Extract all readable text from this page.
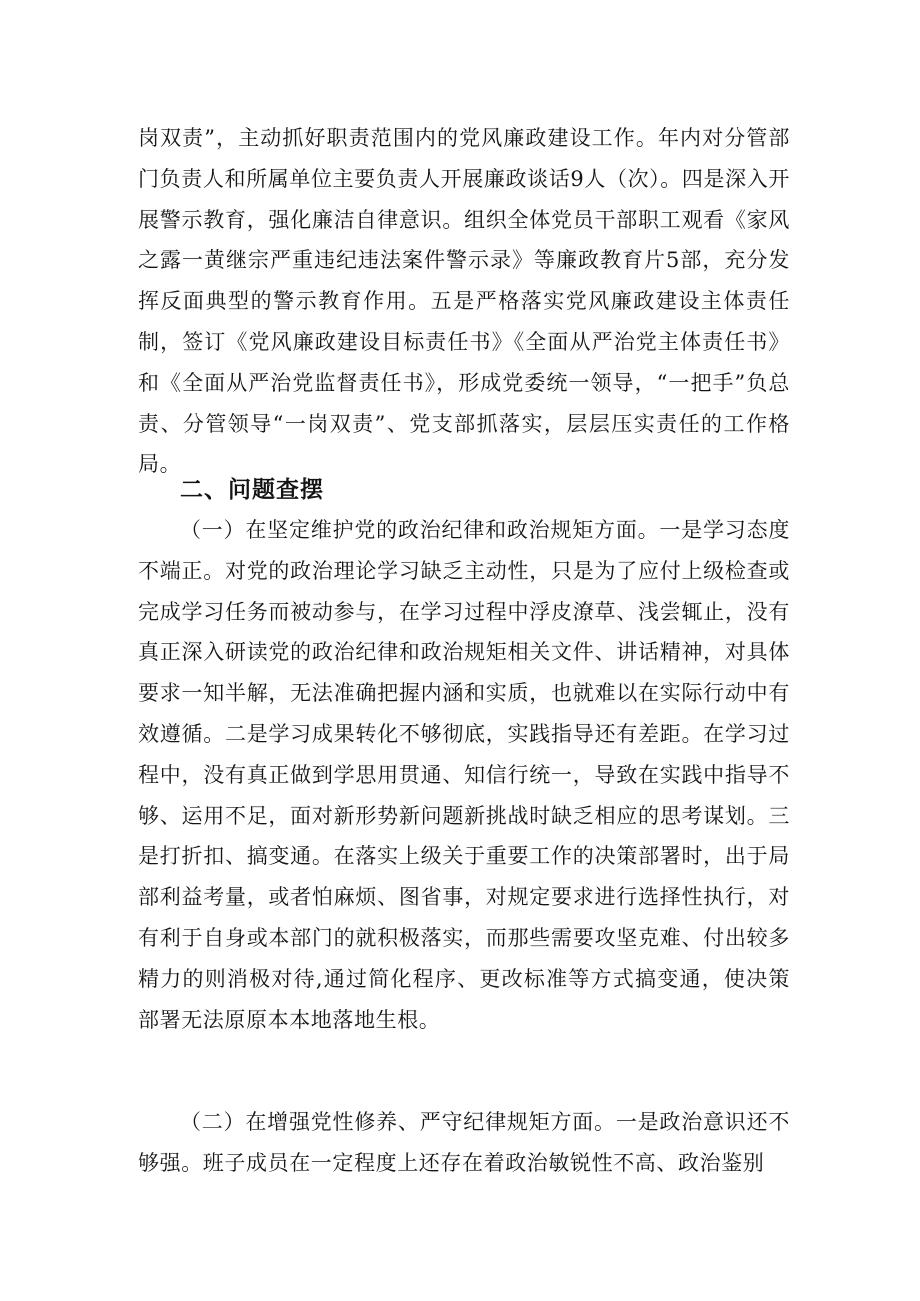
岗双责”，主动抓好职责范围内的党风廉政建设工作。年内对分管部门负责人和所属单位主要负责人开展廉政谈话9人（次）。四是深入开展警示教育，强化廉洁自律意识。组织全体党员干部职工观看《家风之露一黄继宗严重违纪违法案件警示录》等廉政教育片5部，充分发挥反面典型的警示教育作用。五是严格落实党风廉政建设主体责任制，签订《党风廉政建设目标责任书》《全面从严治党主体责任书》和《全面从严治党监督责任书》，形成党委统一领导，“一把手”负总责、分管领导“一岗双责”、党支部抓落实，层层压实责任的工作格局。

二、问题查摆

（一）在坚定维护党的政治纪律和政治规矩方面。一是学习态度不端正。对党的政治理论学习缺乏主动性，只是为了应付上级检查或完成学习任务而被动参与，在学习过程中浮皮潦草、浅尝辄止，没有真正深入研读党的政治纪律和政治规矩相关文件、讲话精神，对具体要求一知半解，无法准确把握内涵和实质，也就难以在实际行动中有效遵循。二是学习成果转化不够彻底，实践指导还有差距。在学习过程中，没有真正做到学思用贯通、知信行统一，导致在实践中指导不够、运用不足，面对新形势新问题新挑战时缺乏相应的思考谋划。三是打折扣、搞变通。在落实上级关于重要工作的决策部署时，出于局部利益考量，或者怕麻烦、图省事，对规定要求进行选择性执行，对有利于自身或本部门的就积极落实，而那些需要攻坚克难、付出较多精力的则消极对待,通过简化程序、更改标准等方式搞变通，使决策部署无法原原本本地落地生根。

（二）在增强党性修养、严守纪律规矩方面。一是政治意识还不够强。班子成员在一定程度上还存在着政治敏锐性不高、政治鉴别
